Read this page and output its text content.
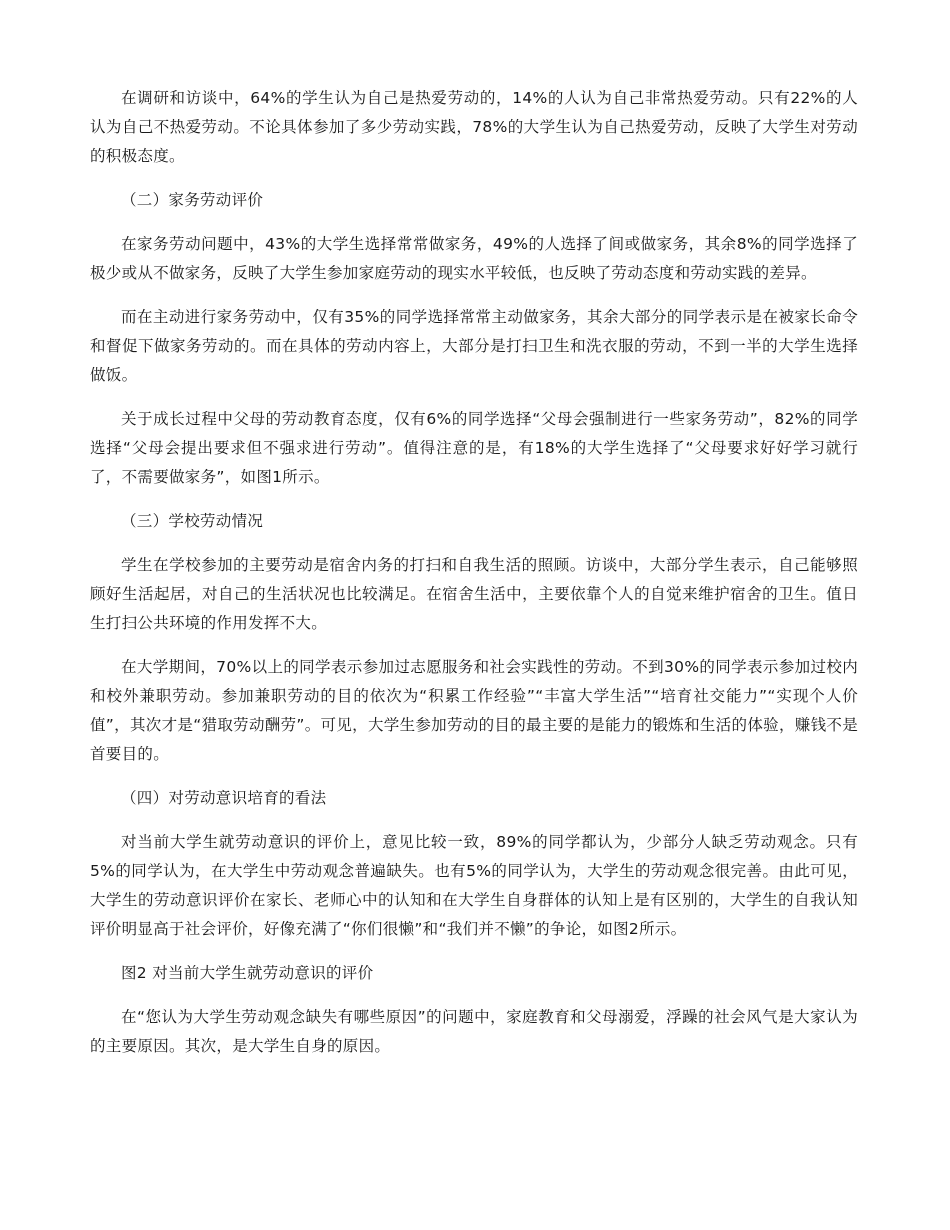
在调研和访谈中，64%的学生认为自己是热爱劳动的，14%的人认为自己非常热爱劳动。只有22%的人认为自己不热爱劳动。不论具体参加了多少劳动实践，78%的大学生认为自己热爱劳动，反映了大学生对劳动的积极态度。

（二）家务劳动评价

在家务劳动问题中，43%的大学生选择常常做家务，49%的人选择了间或做家务，其余8%的同学选择了极少或从不做家务，反映了大学生参加家庭劳动的现实水平较低，也反映了劳动态度和劳动实践的差异。

而在主动进行家务劳动中，仅有35%的同学选择常常主动做家务，其余大部分的同学表示是在被家长命令和督促下做家务劳动的。而在具体的劳动内容上，大部分是打扫卫生和洗衣服的劳动，不到一半的大学生选择做饭。

关于成长过程中父母的劳动教育态度，仅有6%的同学选择“父母会强制进行一些家务劳动”，82%的同学选择“父母会提出要求但不强求进行劳动”。值得注意的是，有18%的大学生选择了“父母要求好好学习就行了，不需要做家务”，如图1所示。

（三）学校劳动情况

学生在学校参加的主要劳动是宿舍内务的打扫和自我生活的照顾。访谈中，大部分学生表示，自己能够照顾好生活起居，对自己的生活状况也比较满足。在宿舍生活中，主要依靠个人的自觉来维护宿舍的卫生。值日生打扫公共环境的作用发挥不大。

在大学期间，70%以上的同学表示参加过志愿服务和社会实践性的劳动。不到30%的同学表示参加过校内和校外兼职劳动。参加兼职劳动的目的依次为“积累工作经验”“丰富大学生活”“培育社交能力”“实现个人价值”，其次才是“猎取劳动酬劳”。可见，大学生参加劳动的目的最主要的是能力的锻炼和生活的体验，赚钱不是首要目的。

（四）对劳动意识培育的看法

对当前大学生就劳动意识的评价上，意见比较一致，89%的同学都认为，少部分人缺乏劳动观念。只有5%的同学认为，在大学生中劳动观念普遍缺失。也有5%的同学认为，大学生的劳动观念很完善。由此可见，大学生的劳动意识评价在家长、老师心中的认知和在大学生自身群体的认知上是有区别的，大学生的自我认知评价明显高于社会评价，好像充满了“你们很懒”和“我们并不懒”的争论，如图2所示。

图2 对当前大学生就劳动意识的评价

在“您认为大学生劳动观念缺失有哪些原因”的问题中，家庭教育和父母溺爱，浮躁的社会风气是大家认为的主要原因。其次，是大学生自身的原因。
